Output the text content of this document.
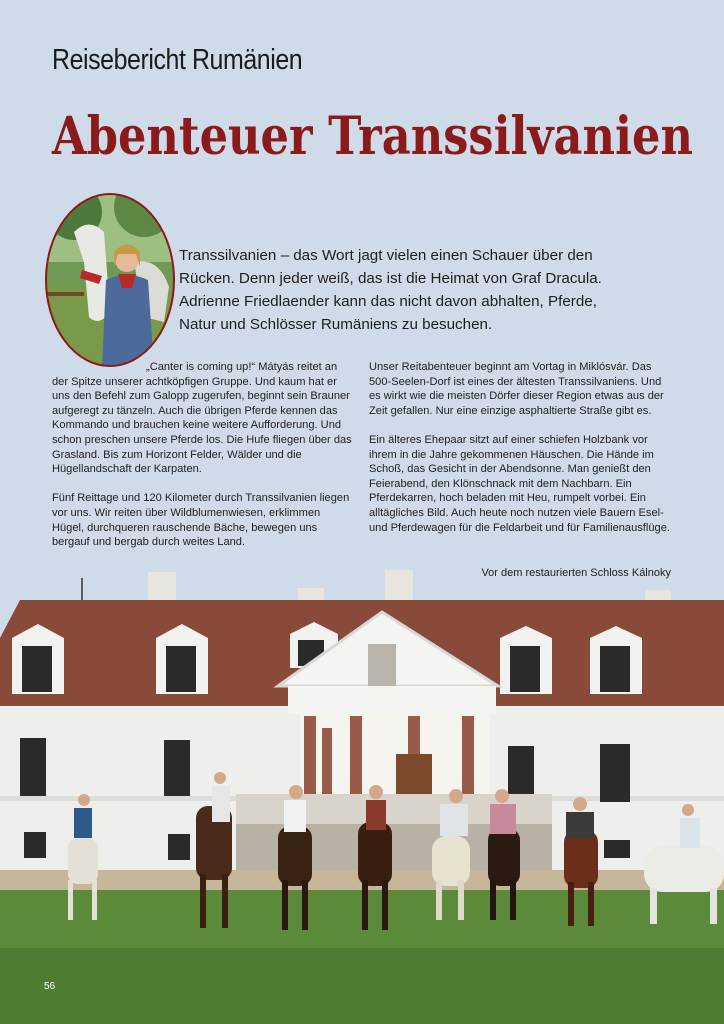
Reisebericht Rumänien
Abenteuer Transsilvanien
Transsilvanien – das Wort jagt vielen einen Schauer über den Rücken. Denn jeder weiß, das ist die Heimat von Graf Dracula. Adrienne Friedlaender kann das nicht davon abhalten, Pferde, Natur und Schlösser Rumäniens zu besuchen.

„Canter is coming up!“ Mátyás reitet an der Spitze unserer achtköpfigen Gruppe. Und kaum hat er uns den Befehl zum Galopp zugerufen, beginnt sein Brauner aufgeregt zu tänzeln. Auch die übrigen Pferde kennen das Kommando und brauchen keine weitere Aufforderung. Und schon preschen unsere Pferde los. Die Hufe fliegen über das Grasland. Bis zum Horizont Felder, Wälder und die Hügellandschaft der Karpaten.

Fünf Reittage und 120 Kilometer durch Transsilvanien liegen vor uns. Wir reiten über Wildblumenwiesen, erklimmen Hügel, durchqueren rauschende Bäche, bewegen uns bergauf und bergab durch weites Land.

Unser Reitabenteuer beginnt am Vortag in Miklósvár. Das 500-Seelen-Dorf ist eines der ältesten Transsilvaniens. Und es wirkt wie die meisten Dörfer dieser Region etwas aus der Zeit gefallen. Nur eine einzige asphaltierte Straße gibt es.

Ein älteres Ehepaar sitzt auf einer schiefen Holzbank vor ihrem in die Jahre gekommenen Häuschen. Die Hände im Schoß, das Gesicht in der Abendsonne. Man genießt den Feierabend, den Klönschnack mit dem Nachbarn. Ein Pferdekarren, hoch beladen mit Heu, rumpelt vorbei. Ein alltägliches Bild. Auch heute noch nutzen viele Bauern Esel- und Pferdewagen für die Feldarbeit und für Familienausflüge.

Vor dem restaurierten Schloss Kálnoky
56
